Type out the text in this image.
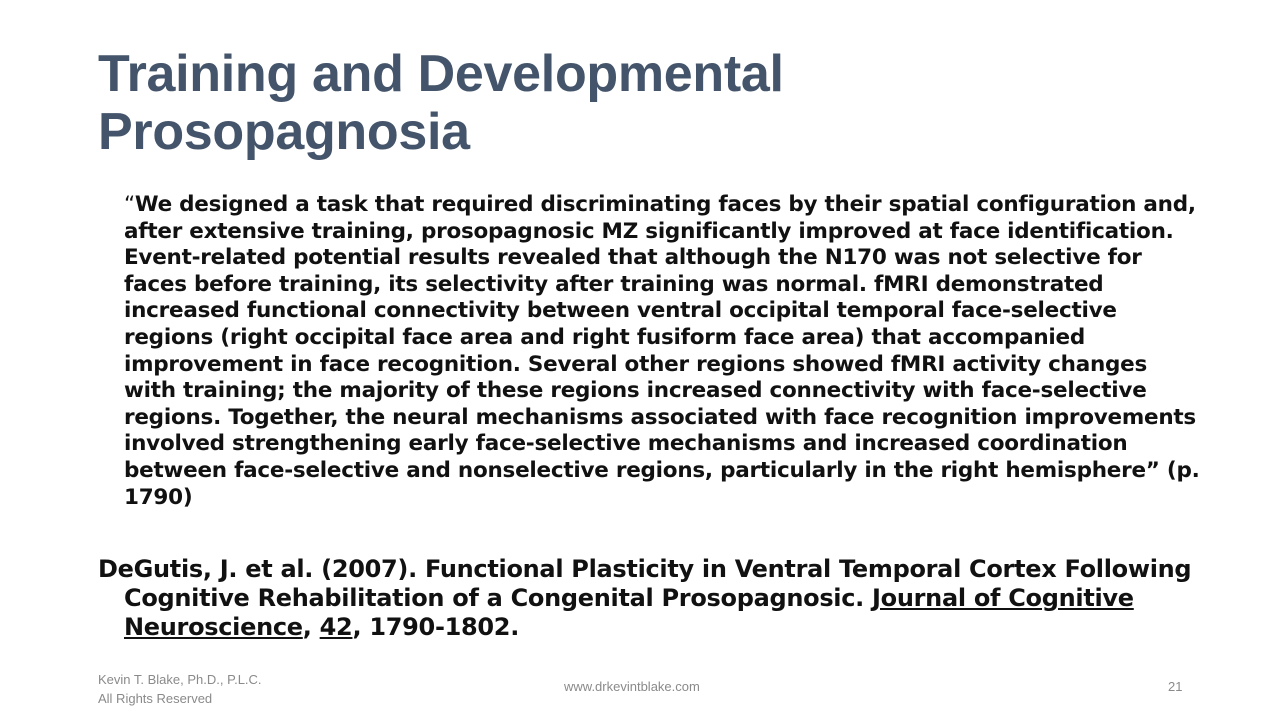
Training and Developmental
Prosopagnosia

“We designed a task that required discriminating faces by their spatial configuration and, after extensive training, prosopagnosic MZ significantly improved at face identification. Event-related potential results revealed that although the N170 was not selective for faces before training, its selectivity after training was normal. fMRI demonstrated increased functional connectivity between ventral occipital temporal face-selective regions (right occipital face area and right fusiform face area) that accompanied improvement in face recognition. Several other regions showed fMRI activity changes with training; the majority of these regions increased connectivity with face-selective regions. Together, the neural mechanisms associated with face recognition improvements involved strengthening early face-selective mechanisms and increased coordination between face-selective and nonselective regions, particularly in the right hemisphere” (p. 1790)

DeGutis, J. et al. (2007). Functional Plasticity in Ventral Temporal Cortex Following Cognitive Rehabilitation of a Congenital Prosopagnosic. Journal of Cognitive Neuroscience, 42, 1790-1802.

Kevin T. Blake, Ph.D., P.L.C.
All Rights Reserved
www.drkevintblake.com	21
